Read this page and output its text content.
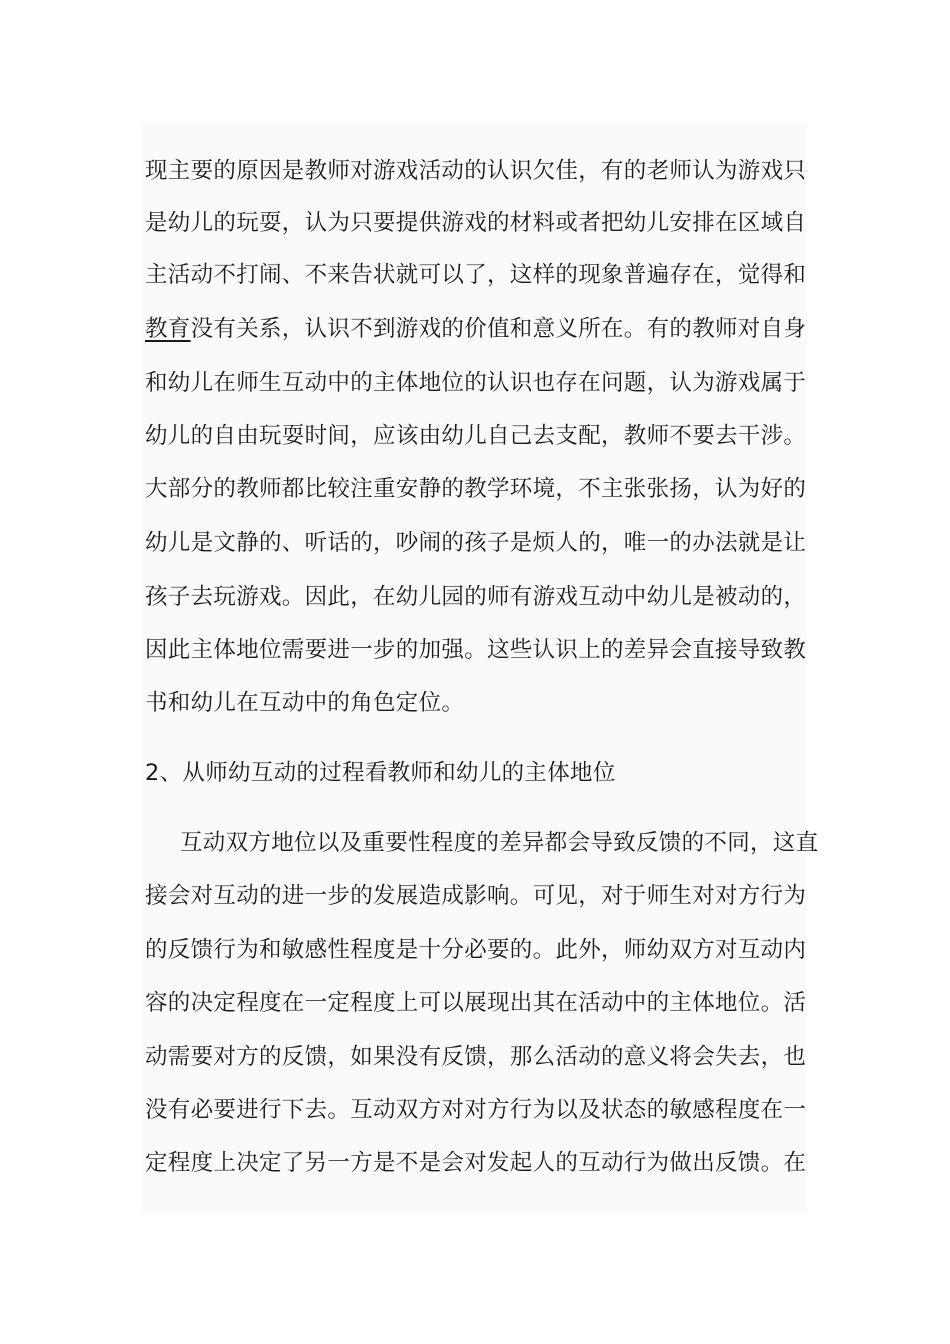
现主要的原因是教师对游戏活动的认识欠佳，有的老师认为游戏只
是幼儿的玩耍，认为只要提供游戏的材料或者把幼儿安排在区域自
主活动不打闹、不来告状就可以了，这样的现象普遍存在，觉得和
教育没有关系，认识不到游戏的价值和意义所在。有的教师对自身
和幼儿在师生互动中的主体地位的认识也存在问题，认为游戏属于
幼儿的自由玩耍时间，应该由幼儿自己去支配，教师不要去干涉。
大部分的教师都比较注重安静的教学环境，不主张张扬，认为好的
幼儿是文静的、听话的，吵闹的孩子是烦人的，唯一的办法就是让
孩子去玩游戏。因此，在幼儿园的师有游戏互动中幼儿是被动的，
因此主体地位需要进一步的加强。这些认识上的差异会直接导致教
书和幼儿在互动中的角色定位。
2、从师幼互动的过程看教师和幼儿的主体地位
互动双方地位以及重要性程度的差异都会导致反馈的不同，这直
接会对互动的进一步的发展造成影响。可见，对于师生对对方行为
的反馈行为和敏感性程度是十分必要的。此外，师幼双方对互动内
容的决定程度在一定程度上可以展现出其在活动中的主体地位。活
动需要对方的反馈，如果没有反馈，那么活动的意义将会失去，也
没有必要进行下去。互动双方对对方行为以及状态的敏感程度在一
定程度上决定了另一方是不是会对发起人的互动行为做出反馈。在
